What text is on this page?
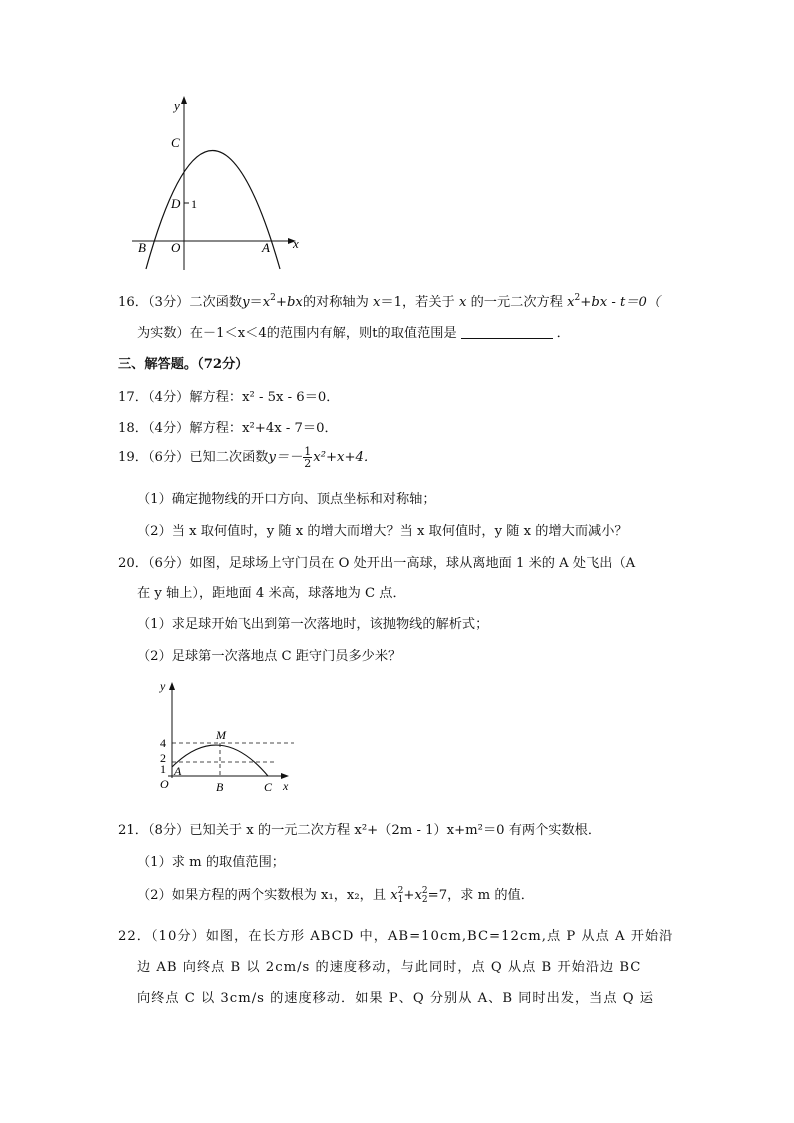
y
x
C
D 1
B O	A
16．（3分）二次函数$y=x^2+bx$的对称轴为 x＝1，若关于 x 的一元二次方程 $x^2+bx - t=0$（
为实数）在－1＜x＜4的范围内有解，则t的取值范围是	．
三、解答题。（72分）
17．（4分）解方程：x² - 5x - 6＝0．
18．（4分）解方程：x²+4x - 7＝0．
19．（6分）已知二次函数$y=- \frac{1}{2} x^2+x+4$．
（1）确定抛物线的开口方向、顶点坐标和对称轴；
（2）当 x 取何值时，y 随 x 的增大而增大？当 x 取何值时，y 随 x 的增大而减小？
20．（6分）如图，足球场上守门员在 O 处开出一高球，球从离地面 1 米的 A 处飞出（A
在 y 轴上），距地面 4 米高，球落地为 C 点．
（1）求足球开始飞出到第一次落地时，该抛物线的解析式；
（2）足球第一次落地点 C 距守门员多少米？
y
x
4
2
1
M
A
O	B	C
21．（8分）已知关于 x 的一元二次方程 x²+（2m - 1）x+m²＝0 有两个实数根．
（1）求 m 的取值范围；
（2）如果方程的两个实数根为 x₁，x₂，且 x 2
1 +x 2
2 =7，求 m 的值．
22．（10分）如图，在长方形 ABCD 中，AB=10cm,BC=12cm,点 P 从点 A 开始沿
边 AB 向终点 B 以 2cm/s 的速度移动，与此同时，点 Q 从点 B 开始沿边 BC
向终点 C 以 3cm/s 的速度移动．如果 P、Q 分别从 A、B 同时出发，当点 Q 运
